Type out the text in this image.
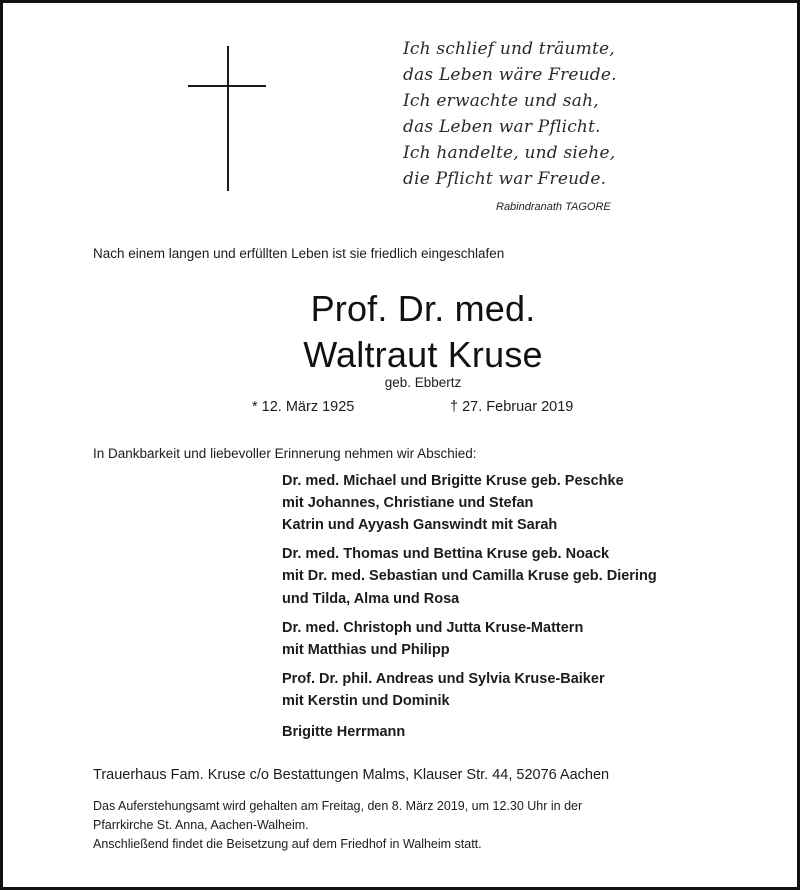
Ich schlief und träumte,
das Leben wäre Freude.
Ich erwachte und sah,
das Leben war Pflicht.
Ich handelte, und siehe,
die Pflicht war Freude.
Rabindranath TAGORE
Nach einem langen und erfüllten Leben ist sie friedlich eingeschlafen
Prof. Dr. med.
Waltraut Kruse
geb. Ebbertz
* 12. März 1925	† 27. Februar 2019
In Dankbarkeit und liebevoller Erinnerung nehmen wir Abschied:
Dr. med. Michael und Brigitte Kruse geb. Peschke
mit Johannes, Christiane und Stefan
Katrin und Ayyash Ganswindt mit Sarah
Dr. med. Thomas und Bettina Kruse geb. Noack
mit Dr. med. Sebastian und Camilla Kruse geb. Diering
und Tilda, Alma und Rosa
Dr. med. Christoph und Jutta Kruse-Mattern
mit Matthias und Philipp
Prof. Dr. phil. Andreas und Sylvia Kruse-Baiker
mit Kerstin und Dominik
Brigitte Herrmann
Trauerhaus Fam. Kruse c/o Bestattungen Malms, Klauser Str. 44, 52076 Aachen
Das Auferstehungsamt wird gehalten am Freitag, den 8. März 2019, um 12.30 Uhr in der
Pfarrkirche St. Anna, Aachen-Walheim.
Anschließend findet die Beisetzung auf dem Friedhof in Walheim statt.
